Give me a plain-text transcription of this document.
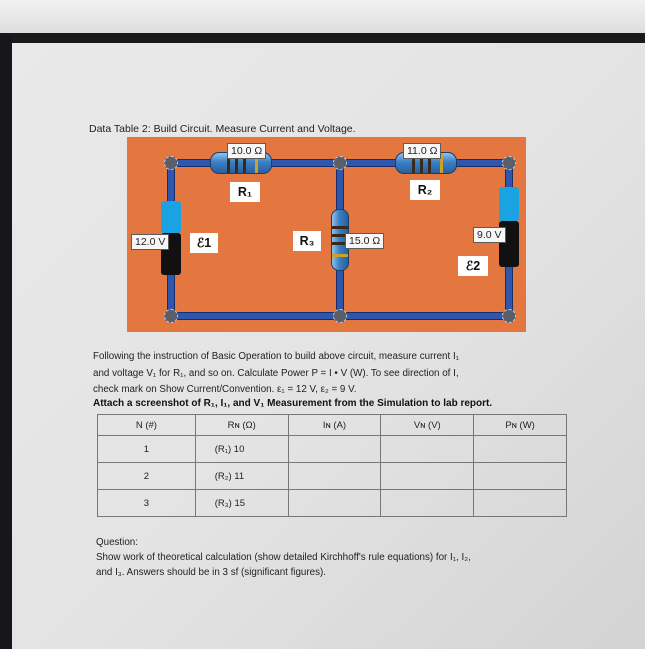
Data Table 2: Build Circuit. Measure Current and Voltage.
10.0 Ω
R₁
11.0 Ω
R₂
15.0 Ω
R₃
12.0 V	ℰ1
9.0 V
ℰ2
Following the instruction of Basic Operation to build above circuit, measure current I₁
and voltage V₁ for R₁, and so on. Calculate Power P = I • V (W). To see direction of I,
check mark on Show Current/Convention. ε₁ = 12 V, ε₂ = 9 V.
Attach a screenshot of R₁, I₁, and V₁ Measurement from the Simulation to lab report.
N (#)	Rɴ (Ω)	Iɴ (A)	Vɴ (V)	Pɴ (W)
1	(R₁) 10			
2	(R₂) 11			
3	(R₃) 15			
Question:
Show work of theoretical calculation (show detailed Kirchhoff's rule equations) for I₁, I₂,
and I₃. Answers should be in 3 sf (significant figures).
